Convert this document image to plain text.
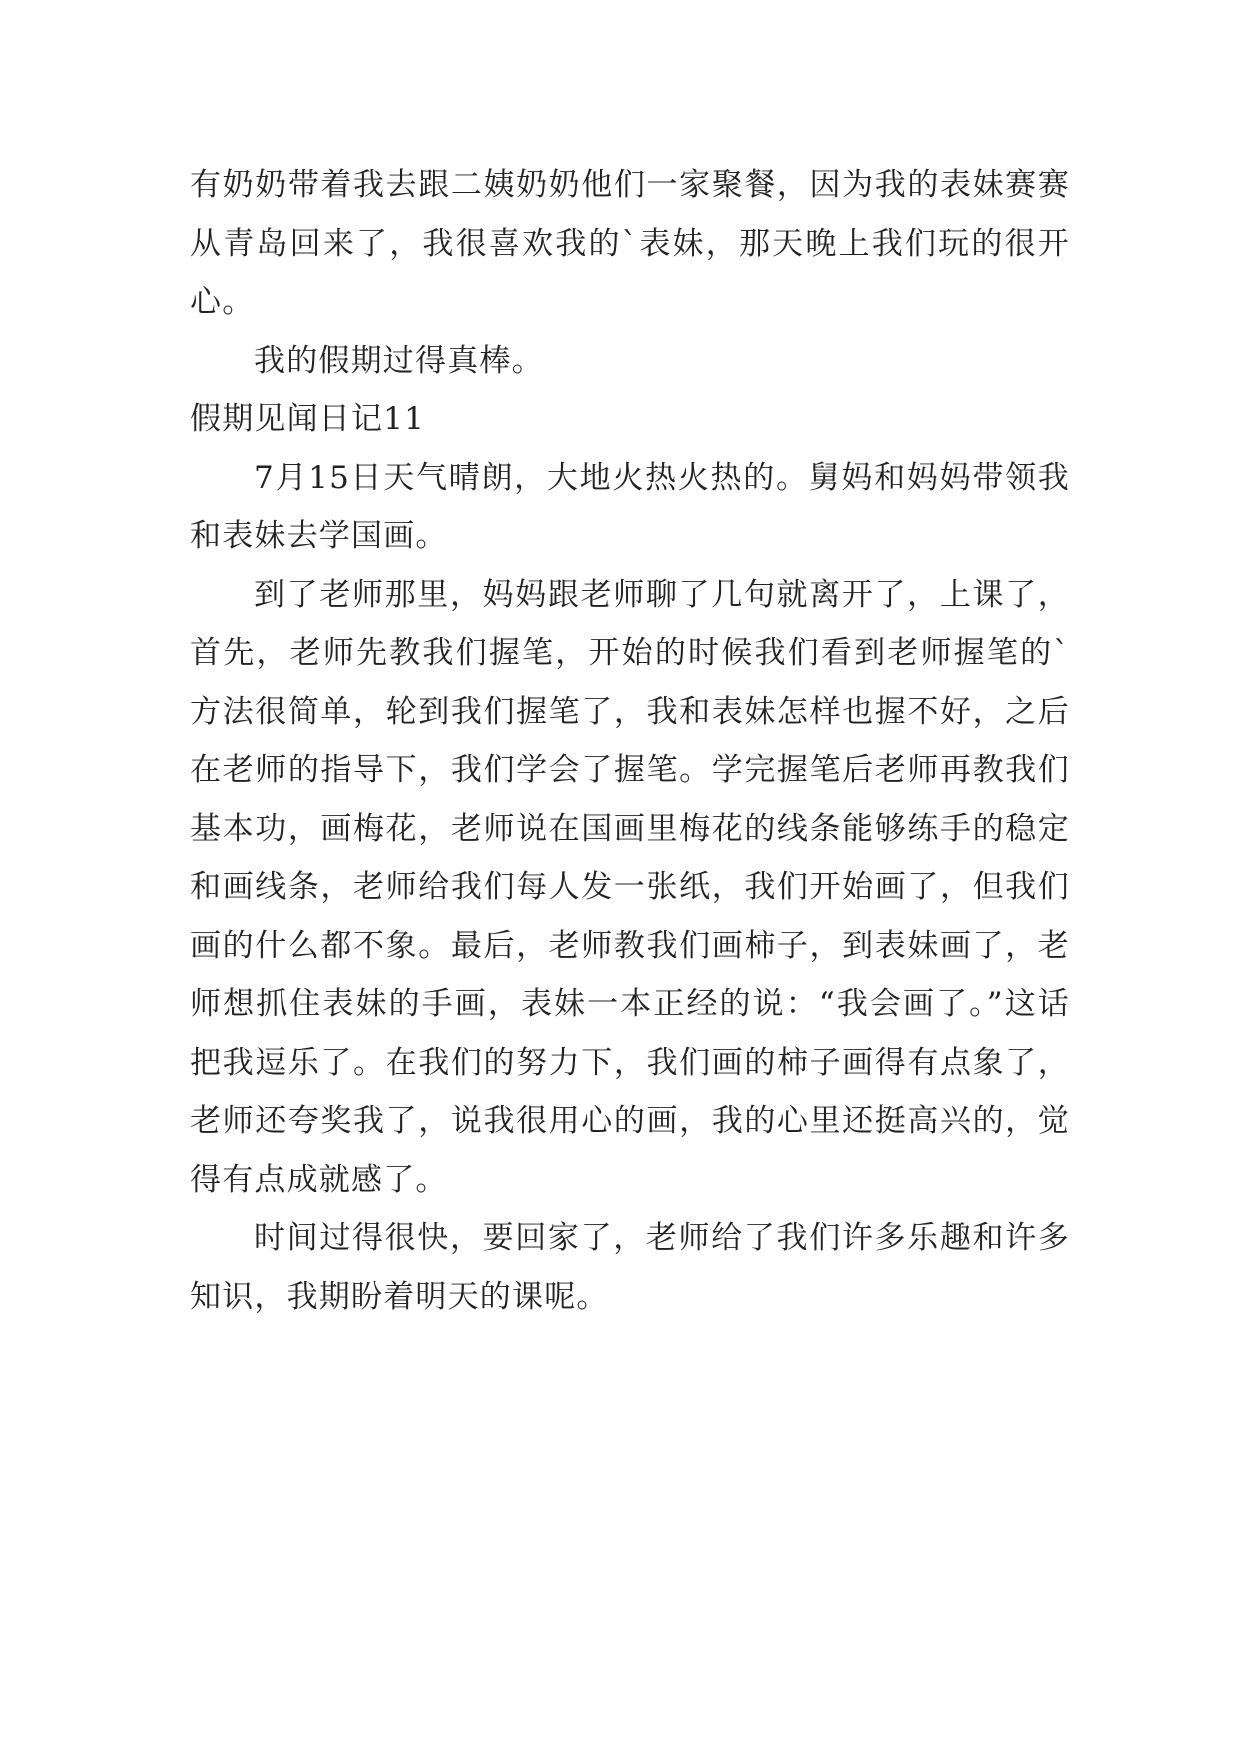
有奶奶带着我去跟二姨奶奶他们一家聚餐，因为我的表妹赛赛从青岛回来了，我很喜欢我的`表妹，那天晚上我们玩的很开心。

我的假期过得真棒。

假期见闻日记11

7月15日天气晴朗，大地火热火热的。舅妈和妈妈带领我和表妹去学国画。

到了老师那里，妈妈跟老师聊了几句就离开了，上课了，首先，老师先教我们握笔，开始的时候我们看到老师握笔的`方法很简单，轮到我们握笔了，我和表妹怎样也握不好，之后在老师的指导下，我们学会了握笔。学完握笔后老师再教我们基本功，画梅花，老师说在国画里梅花的线条能够练手的稳定和画线条，老师给我们每人发一张纸，我们开始画了，但我们画的什么都不象。最后，老师教我们画柿子，到表妹画了，老师想抓住表妹的手画，表妹一本正经的说：“我会画了。”这话把我逗乐了。在我们的努力下，我们画的柿子画得有点象了，老师还夸奖我了，说我很用心的画，我的心里还挺高兴的，觉得有点成就感了。

时间过得很快，要回家了，老师给了我们许多乐趣和许多知识，我期盼着明天的课呢。
